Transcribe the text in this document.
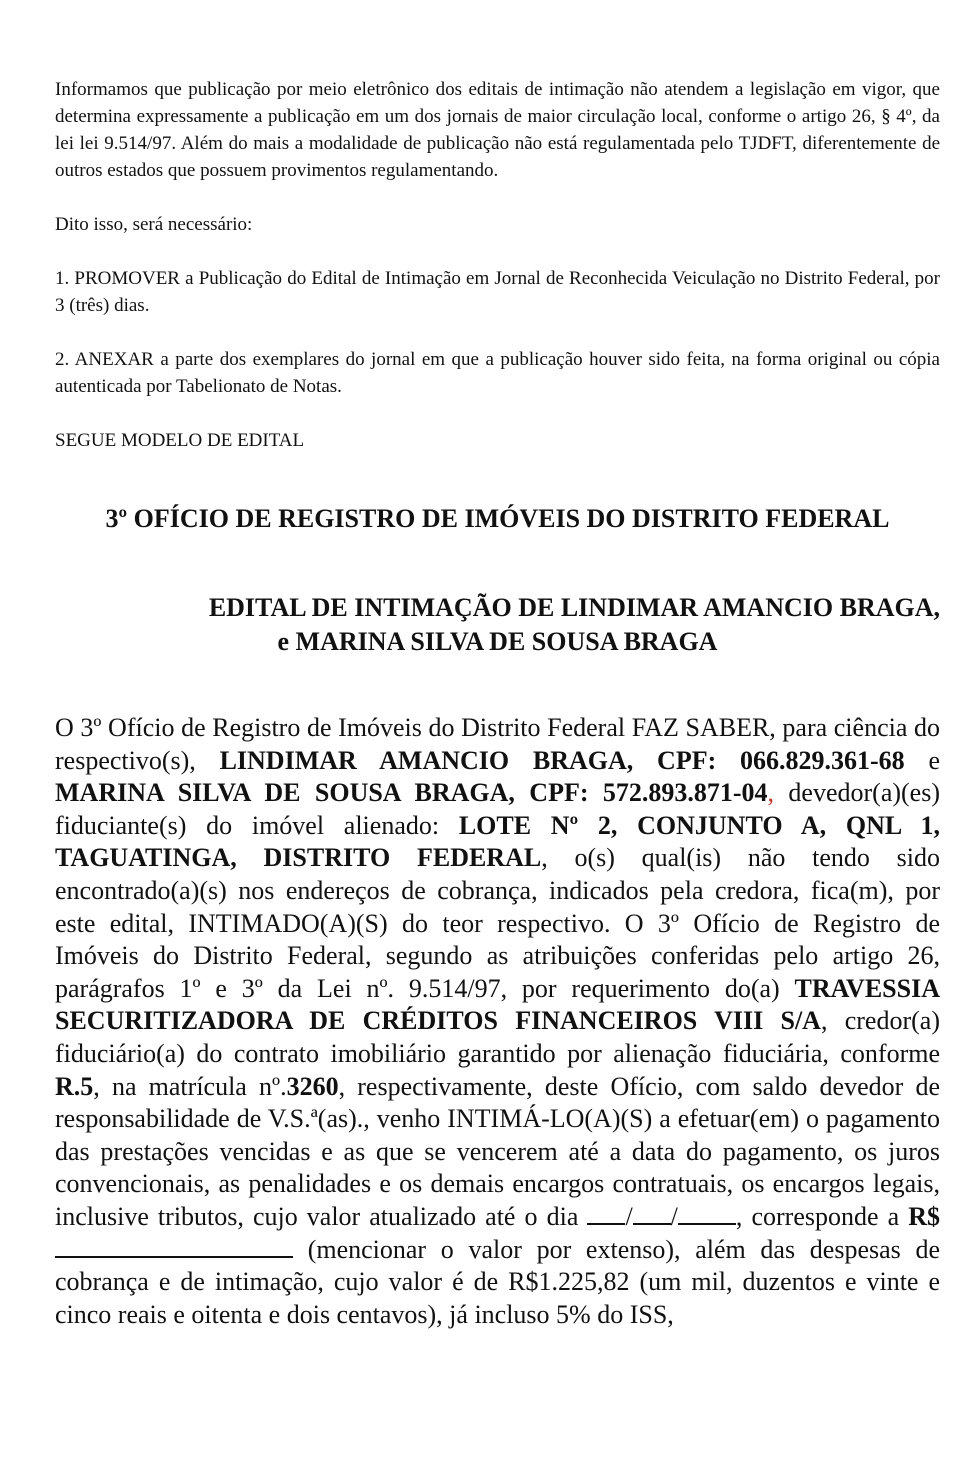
Informamos que publicação por meio eletrônico dos editais de intimação não atendem a legislação em vigor, que determina expressamente a publicação em um dos jornais de maior circulação local, conforme o artigo 26, § 4º, da lei lei 9.514/97. Além do mais a modalidade de publicação não está regulamentada pelo TJDFT, diferentemente de outros estados que possuem provimentos regulamentando.

Dito isso, será necessário:

1. PROMOVER a Publicação do Edital de Intimação em Jornal de Reconhecida Veiculação no Distrito Federal, por 3 (três) dias.

2. ANEXAR a parte dos exemplares do jornal em que a publicação houver sido feita, na forma original ou cópia autenticada por Tabelionato de Notas.

SEGUE MODELO DE EDITAL

3º OFÍCIO DE REGISTRO DE IMÓVEIS DO DISTRITO FEDERAL
EDITAL DE INTIMAÇÃO DE LINDIMAR AMANCIO BRAGA,
e MARINA SILVA DE SOUSA BRAGA
O 3º Ofício de Registro de Imóveis do Distrito Federal FAZ SABER, para ciência do respectivo(s), LINDIMAR AMANCIO BRAGA, CPF: 066.829.361-68 e MARINA SILVA DE SOUSA BRAGA, CPF: 572.893.871-04, devedor(a)(es) fiduciante(s) do imóvel alienado: LOTE Nº 2, CONJUNTO A, QNL 1, TAGUATINGA, DISTRITO FEDERAL, o(s) qual(is) não tendo sido encontrado(a)(s) nos endereços de cobrança, indicados pela credora, fica(m), por este edital, INTIMADO(A)(S) do teor respectivo. O 3º Ofício de Registro de Imóveis do Distrito Federal, segundo as atribuições conferidas pelo artigo 26, parágrafos 1º e 3º da Lei nº. 9.514/97, por requerimento do(a) TRAVESSIA SECURITIZADORA DE CRÉDITOS FINANCEIROS VIII S/A, credor(a) fiduciário(a) do contrato imobiliário garantido por alienação fiduciária, conforme R.5, na matrícula nº.3260, respectivamente, deste Ofício, com saldo devedor de responsabilidade de V.S.ª(as)., venho INTIMÁ-LO(A)(S) a efetuar(em) o pagamento das prestações vencidas e as que se vencerem até a data do pagamento, os juros convencionais, as penalidades e os demais encargos contratuais, os encargos legais, inclusive tributos, cujo valor atualizado até o dia / / , corresponde a R$ (mencionar o valor por extenso), além das despesas de cobrança e de intimação, cujo valor é de R$1.225,82 (um mil, duzentos e vinte e cinco reais e oitenta e dois centavos), já incluso 5% do ISS,
